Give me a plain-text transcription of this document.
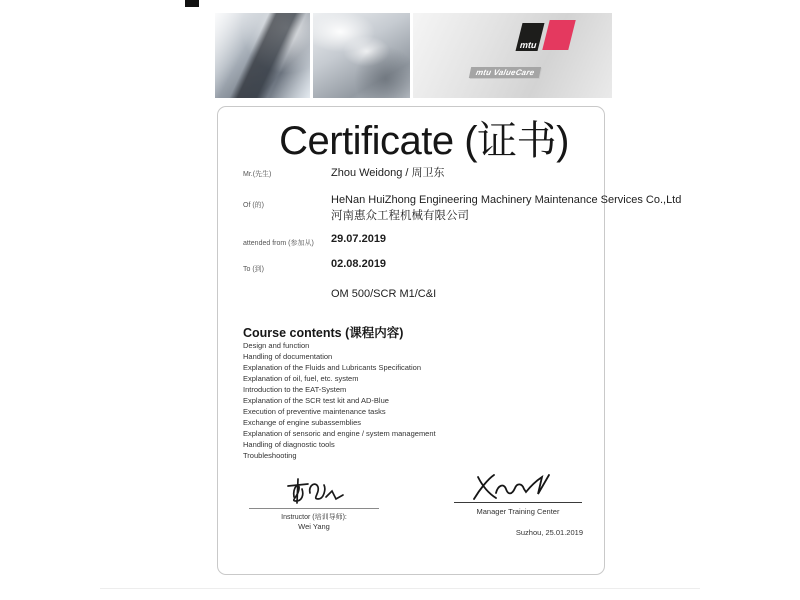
mtu
mtu ValueCare
Certificate (证书)
Mr.(先生)	Zhou Weidong / 周卫东
Of (的)	HeNan HuiZhong Engineering Machinery Maintenance Services Co.,Ltd
河南惠众工程机械有限公司
attended from (参加从) 29.07.2019
To (到)	02.08.2019
OM 500/SCR M1/C&I
Course contents (课程内容)
Design and function
Handling of documentation
Explanation of the Fluids and Lubricants Specification
Explanation of oil, fuel, etc. system
Introduction to the EAT-System
Explanation of the SCR test kit and AD-Blue
Execution of preventive maintenance tasks
Exchange of engine subassemblies
Explanation of sensoric and engine / system management
Handling of diagnostic tools
Troubleshooting
Instructor (培训导师):
Wei Yang
Manager Training Center
Suzhou, 25.01.2019
